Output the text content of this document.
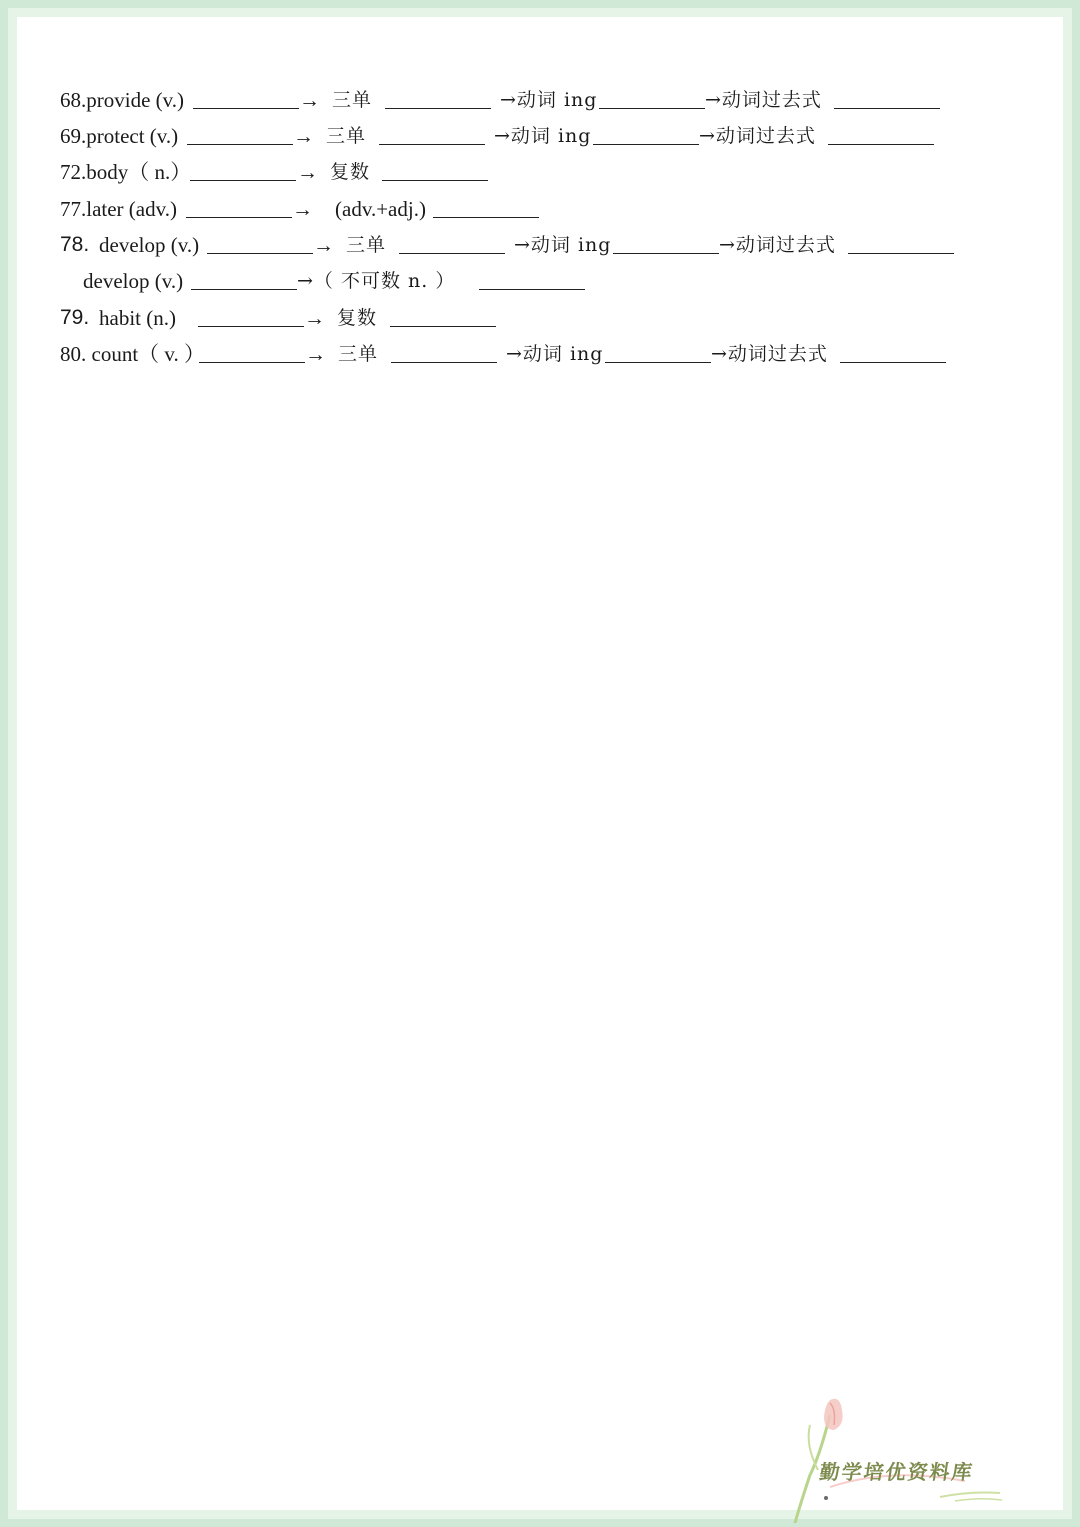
68.provide (v.)	→ 三单	→动词 ing	→动词过去式
69.protect (v.)	→ 三单	→动词 ing	→动词过去式
72.body（ n.）	→ 复数
77.later (adv.)	→ (adv.+adj.)
78. develop (v.)	→ 三单	→动词 ing	→动词过去式
develop (v.)	→（ 不可数 n. ）
79. habit (n.)	→ 复数
80. count（ v. ）	→ 三单	→动词 ing	→动词过去式
勤学培优资料库
